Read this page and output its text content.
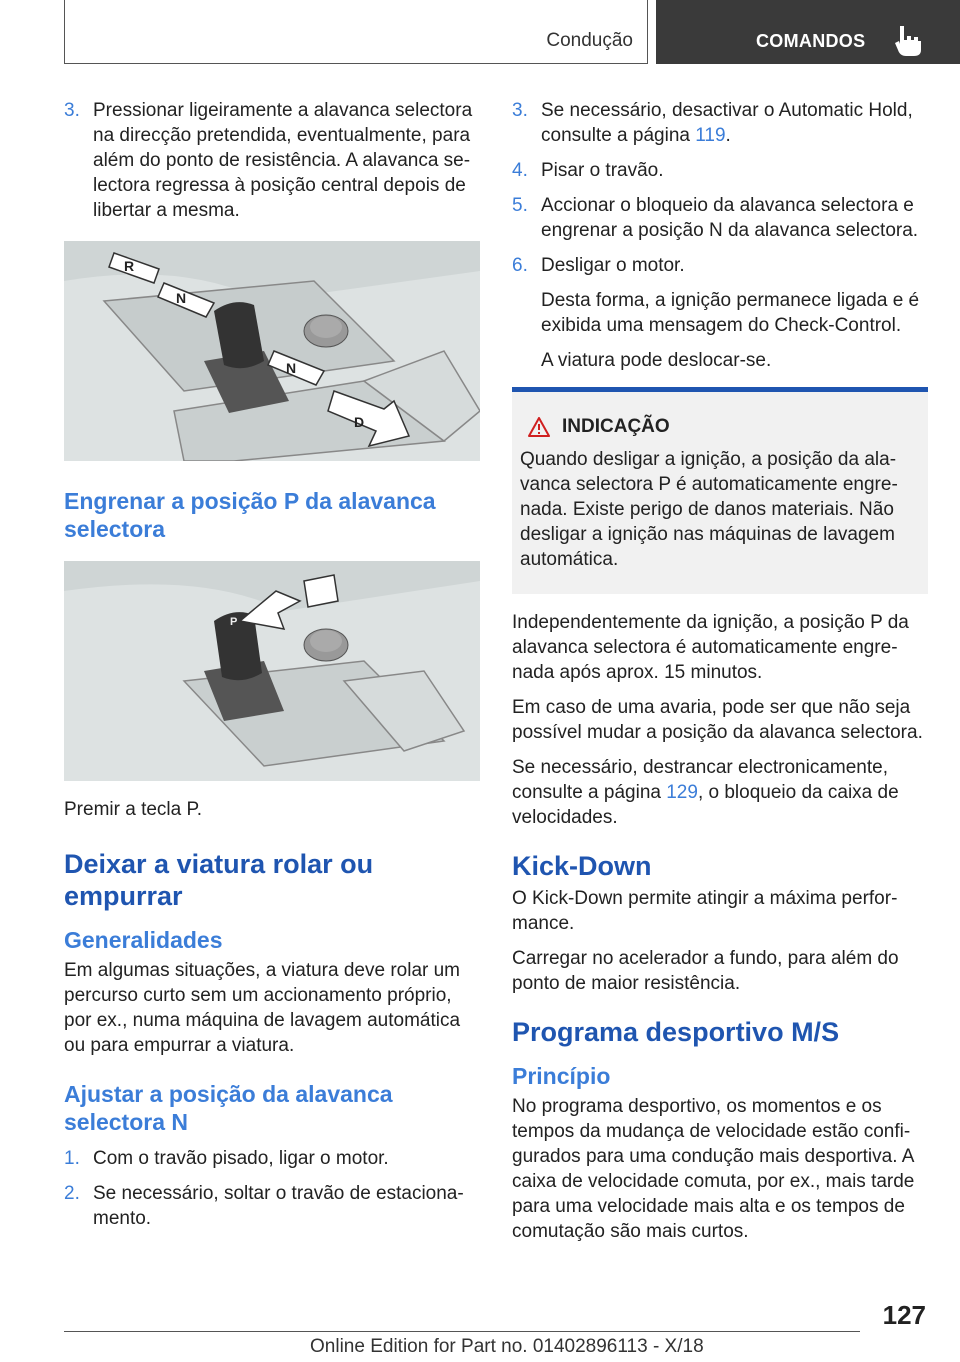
Condução	COMANDOS
3. Pressionar ligeiramente a alavanca selectora na direcção pretendida, eventualmente, para além do ponto de resistência. A alavanca selectora regressa à posição central depois de libertar a mesma.
R
N
N
D
Engrenar a posição P da alavanca selectora
P

Premir a tecla P.

Deixar a viatura rolar ou empurrar
Generalidades

Em algumas situações, a viatura deve rolar um percurso curto sem um accionamento próprio, por ex., numa máquina de lavagem automática ou para empurrar a viatura.

Ajustar a posição da alavanca selectora N
1. Com o travão pisado, ligar o motor.
2. Se necessário, soltar o travão de estacionamento.
3. Se necessário, desactivar o Automatic Hold, consulte a página 119.
4. Pisar o travão.
5. Accionar o bloqueio da alavanca selectora e engrenar a posição N da alavanca selectora.
6. Desligar o motor.

Desta forma, a ignição permanece ligada e é exibida uma mensagem do Check-Control.

A viatura pode deslocar-se.

INDICAÇÃO
Quando desligar a ignição, a posição da alavanca selectora P é automaticamente engrenada. Existe perigo de danos materiais. Não desligar a ignição nas máquinas de lavagem automática.

Independentemente da ignição, a posição P da alavanca selectora é automaticamente engrenada após aprox. 15 minutos.

Em caso de uma avaria, pode ser que não seja possível mudar a posição da alavanca selectora.

Se necessário, destrancar electronicamente, consulte a página 129, o bloqueio da caixa de velocidades.

Kick-Down

O Kick-Down permite atingir a máxima performance.

Carregar no acelerador a fundo, para além do ponto de maior resistência.

Programa desportivo M/S
Princípio

No programa desportivo, os momentos e os tempos da mudança de velocidade estão configurados para uma condução mais desportiva. A caixa de velocidade comuta, por ex., mais tarde para uma velocidade mais alta e os tempos de comutação são mais curtos.

127
Online Edition for Part no. 01402896113 - X/18
